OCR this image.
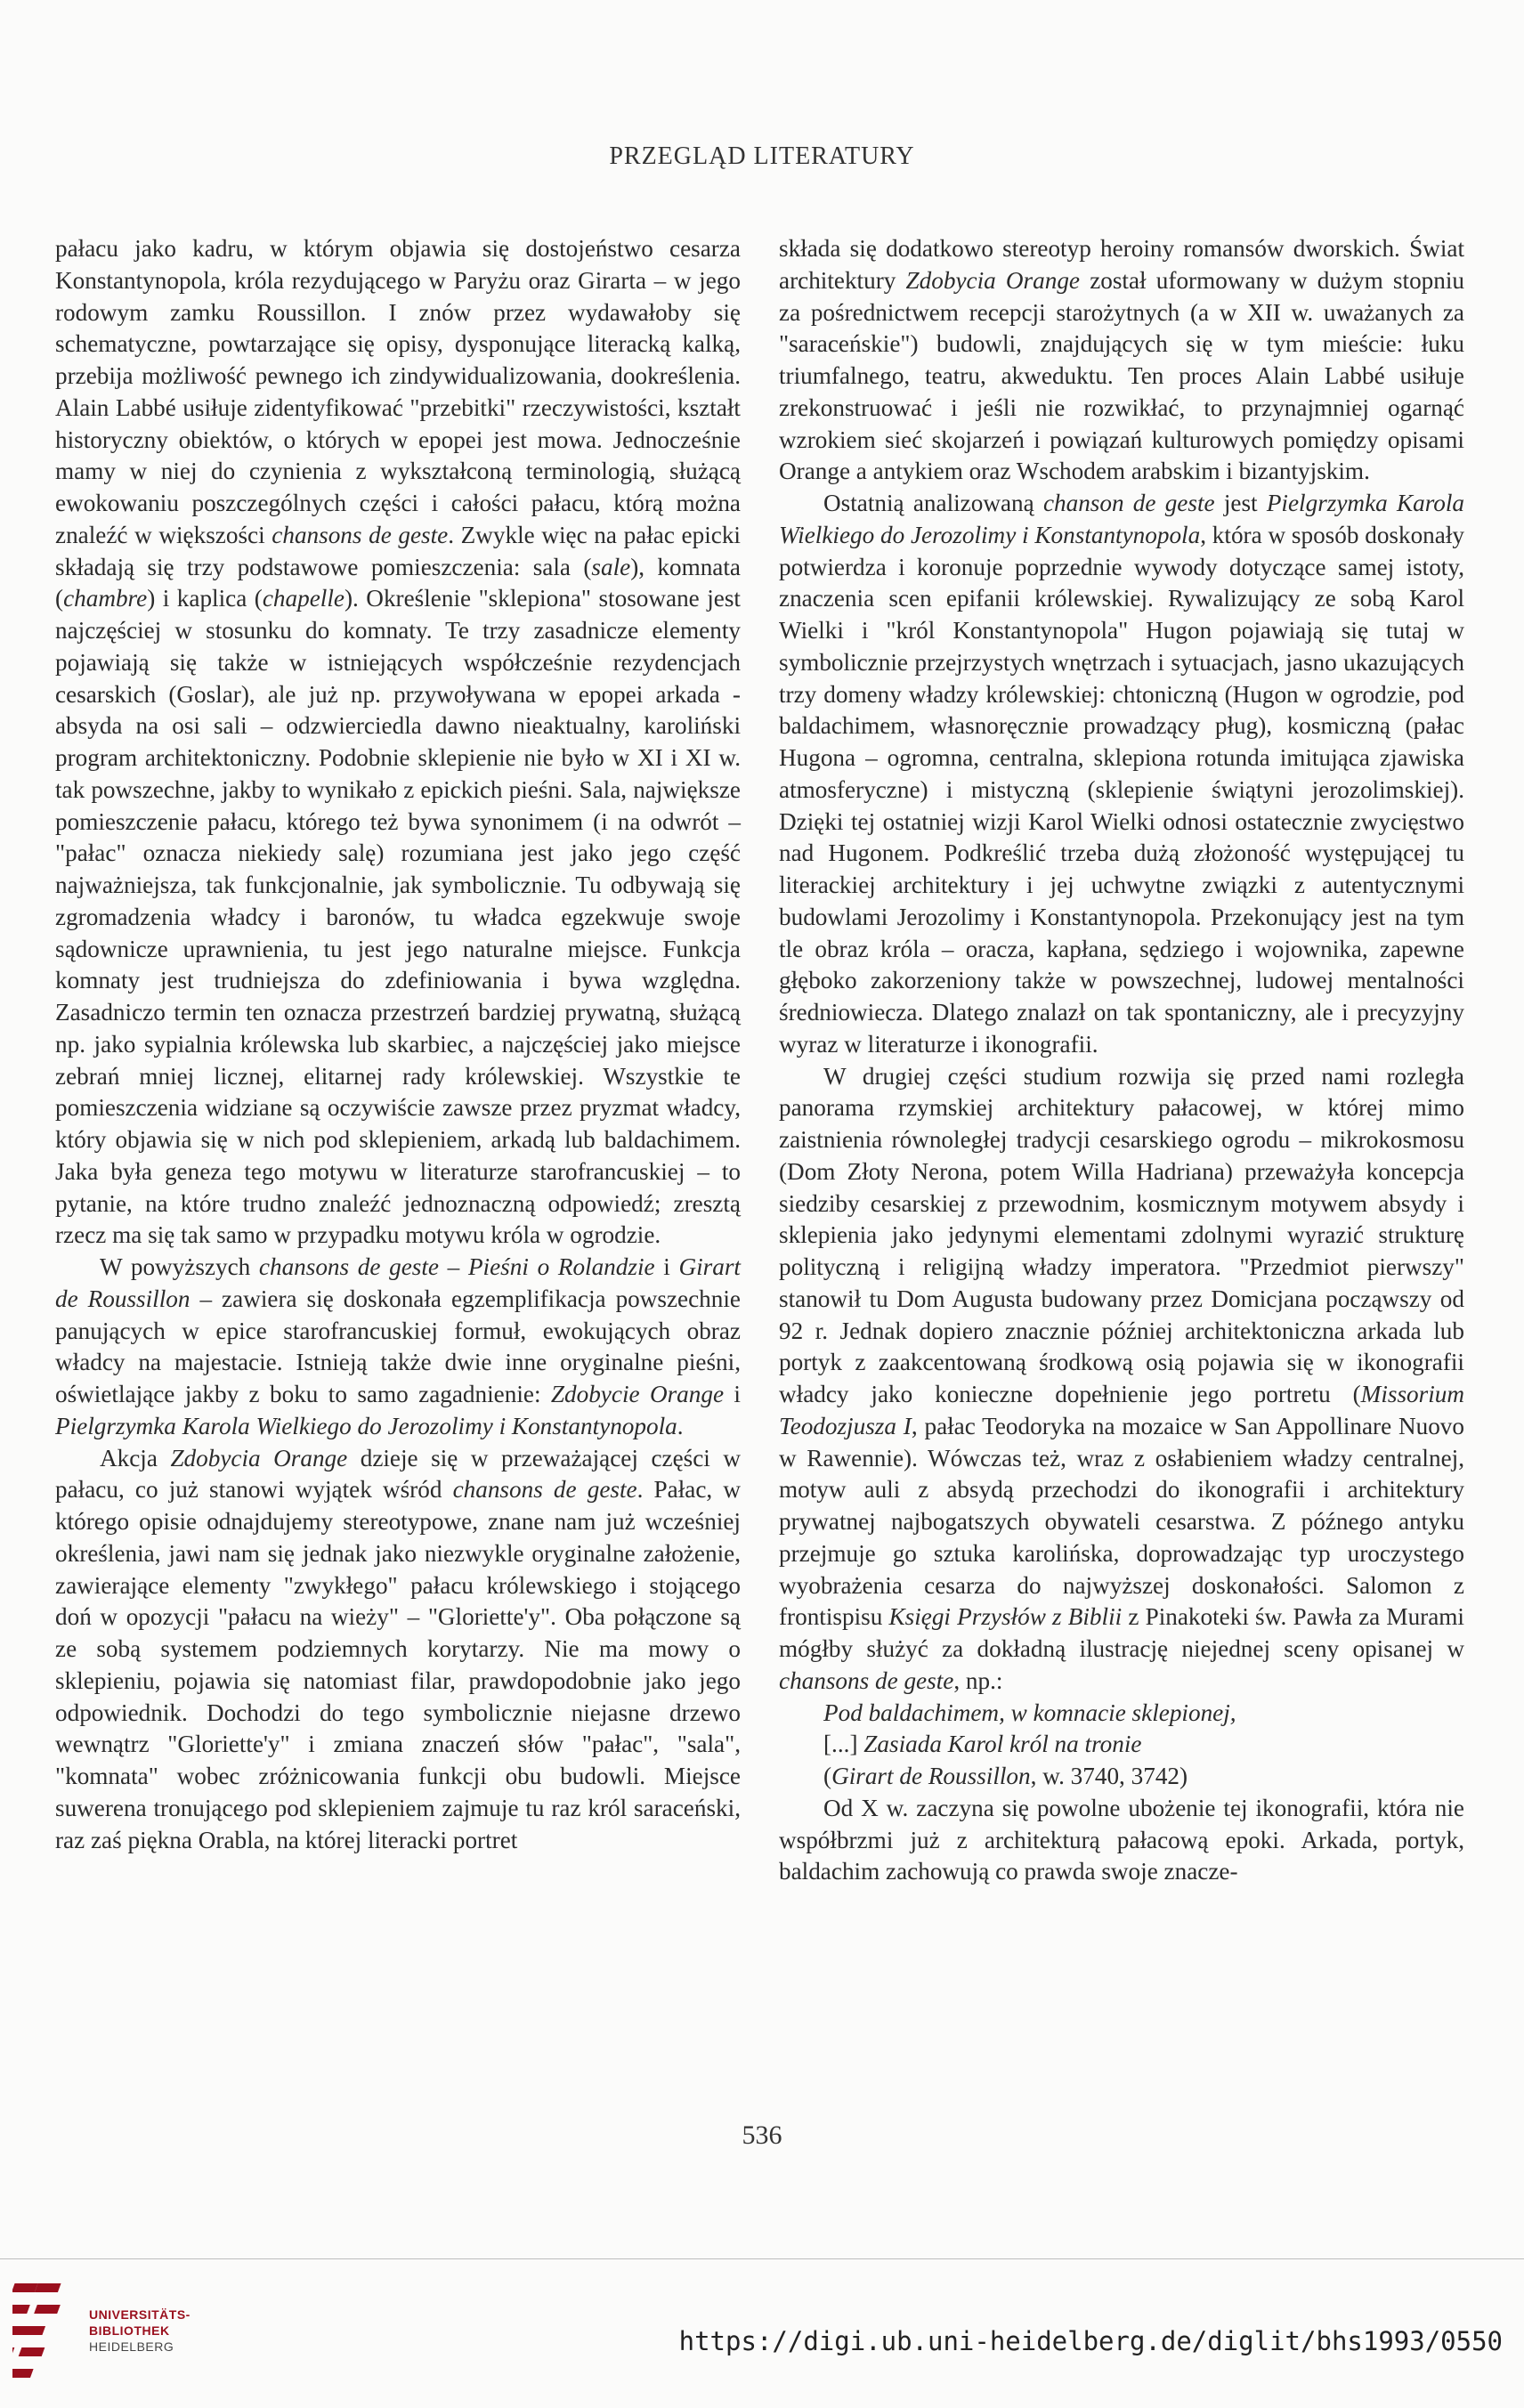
PRZEGLĄD LITERATURY

pałacu jako kadru, w którym objawia się dostojeństwo cesarza Konstantynopola, króla rezydującego w Paryżu oraz Girarta – w jego rodowym zamku Roussillon. I znów przez wydawałoby się schematyczne, powtarzające się opisy, dysponujące literacką kalką, przebija możliwość pewnego ich zindywidualizowania, dookreślenia. Alain Labbé usiłuje zidentyfikować "przebitki" rzeczywistości, kształt historyczny obiektów, o których w epopei jest mowa. Jednocześnie mamy w niej do czynienia z wykształconą terminologią, służącą ewokowaniu poszczególnych części i całości pałacu, którą można znaleźć w większości chansons de geste. Zwykle więc na pałac epicki składają się trzy podstawowe pomieszczenia: sala (sale), komnata (chambre) i kaplica (chapelle). Określenie "sklepiona" stosowane jest najczęściej w stosunku do komnaty. Te trzy zasadnicze elementy pojawiają się także w istniejących współcześnie rezydencjach cesarskich (Goslar), ale już np. przywoływana w epopei arkada - absyda na osi sali – odzwierciedla dawno nieaktualny, karoliński program architektoniczny. Podobnie sklepienie nie było w XI i XI w. tak powszechne, jakby to wynikało z epickich pieśni. Sala, największe pomieszczenie pałacu, którego też bywa synonimem (i na odwrót – "pałac" oznacza niekiedy salę) rozumiana jest jako jego część najważniejsza, tak funkcjonalnie, jak symbolicznie. Tu odbywają się zgromadzenia władcy i baronów, tu władca egzekwuje swoje sądownicze uprawnienia, tu jest jego naturalne miejsce. Funkcja komnaty jest trudniejsza do zdefiniowania i bywa względna. Zasadniczo termin ten oznacza przestrzeń bardziej prywatną, służącą np. jako sypialnia królewska lub skarbiec, a najczęściej jako miejsce zebrań mniej licznej, elitarnej rady królewskiej. Wszystkie te pomieszczenia widziane są oczywiście zawsze przez pryzmat władcy, który objawia się w nich pod sklepieniem, arkadą lub baldachimem. Jaka była geneza tego motywu w literaturze starofrancuskiej – to pytanie, na które trudno znaleźć jednoznaczną odpowiedź; zresztą rzecz ma się tak samo w przypadku motywu króla w ogrodzie.

W powyższych chansons de geste – Pieśni o Rolandzie i Girart de Roussillon – zawiera się doskonała egzemplifikacja powszechnie panujących w epice starofrancuskiej formuł, ewokujących obraz władcy na majestacie. Istnieją także dwie inne oryginalne pieśni, oświetlające jakby z boku to samo zagadnienie: Zdobycie Orange i Pielgrzymka Karola Wielkiego do Jerozolimy i Konstantynopola.

Akcja Zdobycia Orange dzieje się w przeważającej części w pałacu, co już stanowi wyjątek wśród chansons de geste. Pałac, w którego opisie odnajdujemy stereotypowe, znane nam już wcześniej określenia, jawi nam się jednak jako niezwykle oryginalne założenie, zawierające elementy "zwykłego" pałacu królewskiego i stojącego doń w opozycji "pałacu na wieży" – "Gloriette'y". Oba połączone są ze sobą systemem podziemnych korytarzy. Nie ma mowy o sklepieniu, pojawia się natomiast filar, prawdopodobnie jako jego odpowiednik. Dochodzi do tego symbolicznie niejasne drzewo wewnątrz "Gloriette'y" i zmiana znaczeń słów "pałac", "sala", "komnata" wobec zróżnicowania funkcji obu budowli. Miejsce suwerena tronującego pod sklepieniem zajmuje tu raz król saraceński, raz zaś piękna Orabla, na której literacki portret

składa się dodatkowo stereotyp heroiny romansów dworskich. Świat architektury Zdobycia Orange został uformowany w dużym stopniu za pośrednictwem recepcji starożytnych (a w XII w. uważanych za "saraceńskie") budowli, znajdujących się w tym mieście: łuku triumfalnego, teatru, akweduktu. Ten proces Alain Labbé usiłuje zrekonstruować i jeśli nie rozwikłać, to przynajmniej ogarnąć wzrokiem sieć skojarzeń i powiązań kulturowych pomiędzy opisami Orange a antykiem oraz Wschodem arabskim i bizantyjskim.

Ostatnią analizowaną chanson de geste jest Pielgrzymka Karola Wielkiego do Jerozolimy i Konstantynopola, która w sposób doskonały potwierdza i koronuje poprzednie wywody dotyczące samej istoty, znaczenia scen epifanii królewskiej. Rywalizujący ze sobą Karol Wielki i "król Konstantynopola" Hugon pojawiają się tutaj w symbolicznie przejrzystych wnętrzach i sytuacjach, jasno ukazujących trzy domeny władzy królewskiej: chtoniczną (Hugon w ogrodzie, pod baldachimem, własnoręcznie prowadzący pług), kosmiczną (pałac Hugona – ogromna, centralna, sklepiona rotunda imitująca zjawiska atmosferyczne) i mistyczną (sklepienie świątyni jerozolimskiej). Dzięki tej ostatniej wizji Karol Wielki odnosi ostatecznie zwycięstwo nad Hugonem. Podkreślić trzeba dużą złożoność występującej tu literackiej architektury i jej uchwytne związki z autentycznymi budowlami Jerozolimy i Konstantynopola. Przekonujący jest na tym tle obraz króla – oracza, kapłana, sędziego i wojownika, zapewne głęboko zakorzeniony także w powszechnej, ludowej mentalności średniowiecza. Dlatego znalazł on tak spontaniczny, ale i precyzyjny wyraz w literaturze i ikonografii.

W drugiej części studium rozwija się przed nami rozległa panorama rzymskiej architektury pałacowej, w której mimo zaistnienia równoległej tradycji cesarskiego ogrodu – mikrokosmosu (Dom Złoty Nerona, potem Willa Hadriana) przeważyła koncepcja siedziby cesarskiej z przewodnim, kosmicznym motywem absydy i sklepienia jako jedynymi elementami zdolnymi wyrazić strukturę polityczną i religijną władzy imperatora. "Przedmiot pierwszy" stanowił tu Dom Augusta budowany przez Domicjana począwszy od 92 r. Jednak dopiero znacznie później architektoniczna arkada lub portyk z zaakcentowaną środkową osią pojawia się w ikonografii władcy jako konieczne dopełnienie jego portretu (Missorium Teodozjusza I, pałac Teodoryka na mozaice w San Appollinare Nuovo w Rawennie). Wówczas też, wraz z osłabieniem władzy centralnej, motyw auli z absydą przechodzi do ikonografii i architektury prywatnej najbogatszych obywateli cesarstwa. Z późnego antyku przejmuje go sztuka karolińska, doprowadzając typ uroczystego wyobrażenia cesarza do najwyższej doskonałości. Salomon z frontispisu Księgi Przysłów z Biblii z Pinakoteki św. Pawła za Murami mógłby służyć za dokładną ilustrację niejednej sceny opisanej w chansons de geste, np.:

Pod baldachimem, w komnacie sklepionej,
[...] Zasiada Karol król na tronie
(Girart de Roussillon, w. 3740, 3742)

Od X w. zaczyna się powolne ubożenie tej ikonografii, która nie współbrzmi już z architekturą pałacową epoki. Arkada, portyk, baldachim zachowują co prawda swoje znacze-

536
UNIVERSITÄTS-
BIBLIOTHEK
HEIDELBERG	https://digi.ub.uni-heidelberg.de/diglit/bhs1993/0550
